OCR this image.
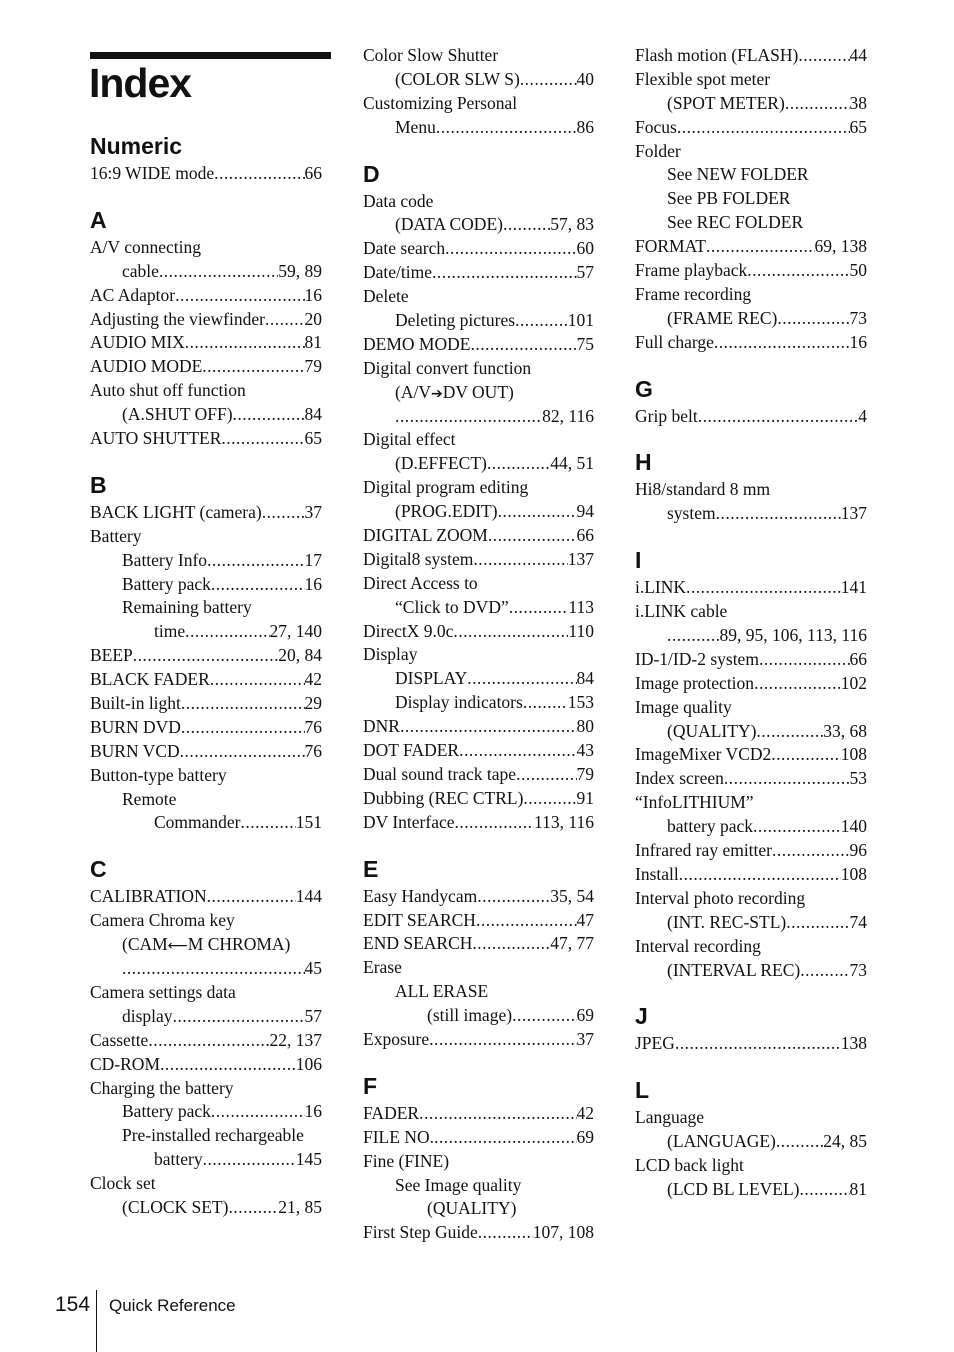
Index
Numeric
16:9 WIDE mode .....	66
A
A/V connecting
cable .....	59, 89
AC Adaptor .....	16
Adjusting the viewfinder ..... 20
AUDIO MIX .....	81
AUDIO MODE .....	79
Auto shut off function
(A.SHUT OFF) .....	84
AUTO SHUTTER .....	65
B
BACK LIGHT (camera) ..... 37
Battery
Battery Info .....	17
Battery pack .....	16
Remaining battery
time .....	27, 140
BEEP .....	20, 84
BLACK FADER .....	42
Built-in light .....	29
BURN DVD .....	76
BURN VCD .....	76
Button-type battery
Remote
Commander .....	151
C
CALIBRATION .....	144
Camera Chroma key
(CAM⟵M CHROMA)
.....
45
Camera settings data
display .....	57
Cassette .....	22, 137
CD-ROM .....	106
Charging the battery
Battery pack .....	16
Pre-installed rechargeable
battery .....	145
Clock set
(CLOCK SET) .....	21, 85
Color Slow Shutter
(COLOR SLW S) .....	40
Customizing Personal
Menu .....	86
D
Data code
(DATA CODE) .....	57, 83
Date search .....	60
Date/time .....	57
Delete
Deleting pictures .....	101
DEMO MODE .....	75
Digital convert function
(A/V➔DV OUT)
.....
82, 116
Digital effect
(D.EFFECT) .....	44, 51
Digital program editing
(PROG.EDIT) .....	94
DIGITAL ZOOM .....	66
Digital8 system .....	137
Direct Access to
“Click to DVD” .....	113
DirectX 9.0c .....	110
Display
DISPLAY .....	84
Display indicators .....	153
DNR .....	80
DOT FADER .....	43
Dual sound track tape .....	79
Dubbing (REC CTRL) .....	91
DV Interface .....	113, 116
E
Easy Handycam .....	35, 54
EDIT SEARCH .....	47
END SEARCH .....	47, 77
Erase
ALL ERASE
(still image) .....	69
Exposure .....	37
F
FADER .....	42
FILE NO. .....	69
Fine (FINE)
See Image quality
(QUALITY)
First Step Guide .....	107, 108
Flash motion (FLASH) .....	44
Flexible spot meter
(SPOT METER) .....	38
Focus .....	65
Folder
See NEW FOLDER
See PB FOLDER
See REC FOLDER
FORMAT .....	69, 138
Frame playback .....	50
Frame recording
(FRAME REC) .....	73
Full charge .....	16
G
Grip belt .....	4
H
Hi8/standard 8 mm
system .....	137
I
i.LINK .....	141
i.LINK cable
.....
89, 95, 106, 113, 116
ID-1/ID-2 system .....	66
Image protection .....	102
Image quality
(QUALITY) .....	33, 68
ImageMixer VCD2 .....	108
Index screen .....	53
“InfoLITHIUM”
battery pack .....	140
Infrared ray emitter .....	96
Install .....	108
Interval photo recording
(INT. REC-STL) .....	74
Interval recording
(INTERVAL REC) .....	73
J
JPEG .....	138
L
Language
(LANGUAGE) .....	24, 85
LCD back light
(LCD BL LEVEL) .....	81
154 Quick Reference
